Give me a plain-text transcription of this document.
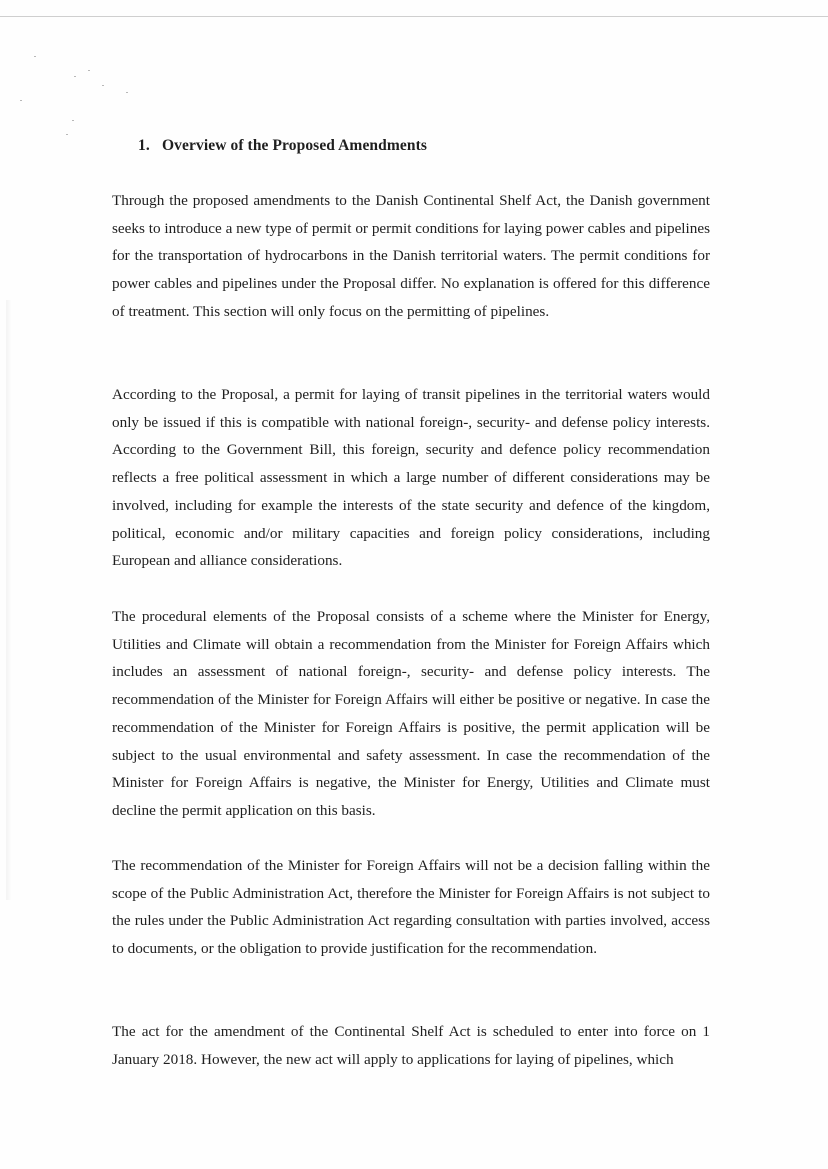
1. Overview of the Proposed Amendments
Through the proposed amendments to the Danish Continental Shelf Act, the Danish government seeks to introduce a new type of permit or permit conditions for laying power cables and pipelines for the transportation of hydrocarbons in the Danish territorial waters. The permit conditions for power cables and pipelines under the Proposal differ. No explanation is offered for this difference of treatment. This section will only focus on the permitting of pipelines.
According to the Proposal, a permit for laying of transit pipelines in the territorial waters would only be issued if this is compatible with national foreign-, security- and defense policy interests. According to the Government Bill, this foreign, security and defence policy recommendation reflects a free political assessment in which a large number of different considerations may be involved, including for example the interests of the state security and defence of the kingdom, political, economic and/or military capacities and foreign policy considerations, including European and alliance considerations.
The procedural elements of the Proposal consists of a scheme where the Minister for Energy, Utilities and Climate will obtain a recommendation from the Minister for Foreign Affairs which includes an assessment of national foreign-, security- and defense policy interests. The recommendation of the Minister for Foreign Affairs will either be positive or negative. In case the recommendation of the Minister for Foreign Affairs is positive, the permit application will be subject to the usual environmental and safety assessment. In case the recommendation of the Minister for Foreign Affairs is negative, the Minister for Energy, Utilities and Climate must decline the permit application on this basis.
The recommendation of the Minister for Foreign Affairs will not be a decision falling within the scope of the Public Administration Act, therefore the Minister for Foreign Affairs is not subject to the rules under the Public Administration Act regarding consultation with parties involved, access to documents, or the obligation to provide justification for the recommendation.
The act for the amendment of the Continental Shelf Act is scheduled to enter into force on 1 January 2018. However, the new act will apply to applications for laying of pipelines, which
